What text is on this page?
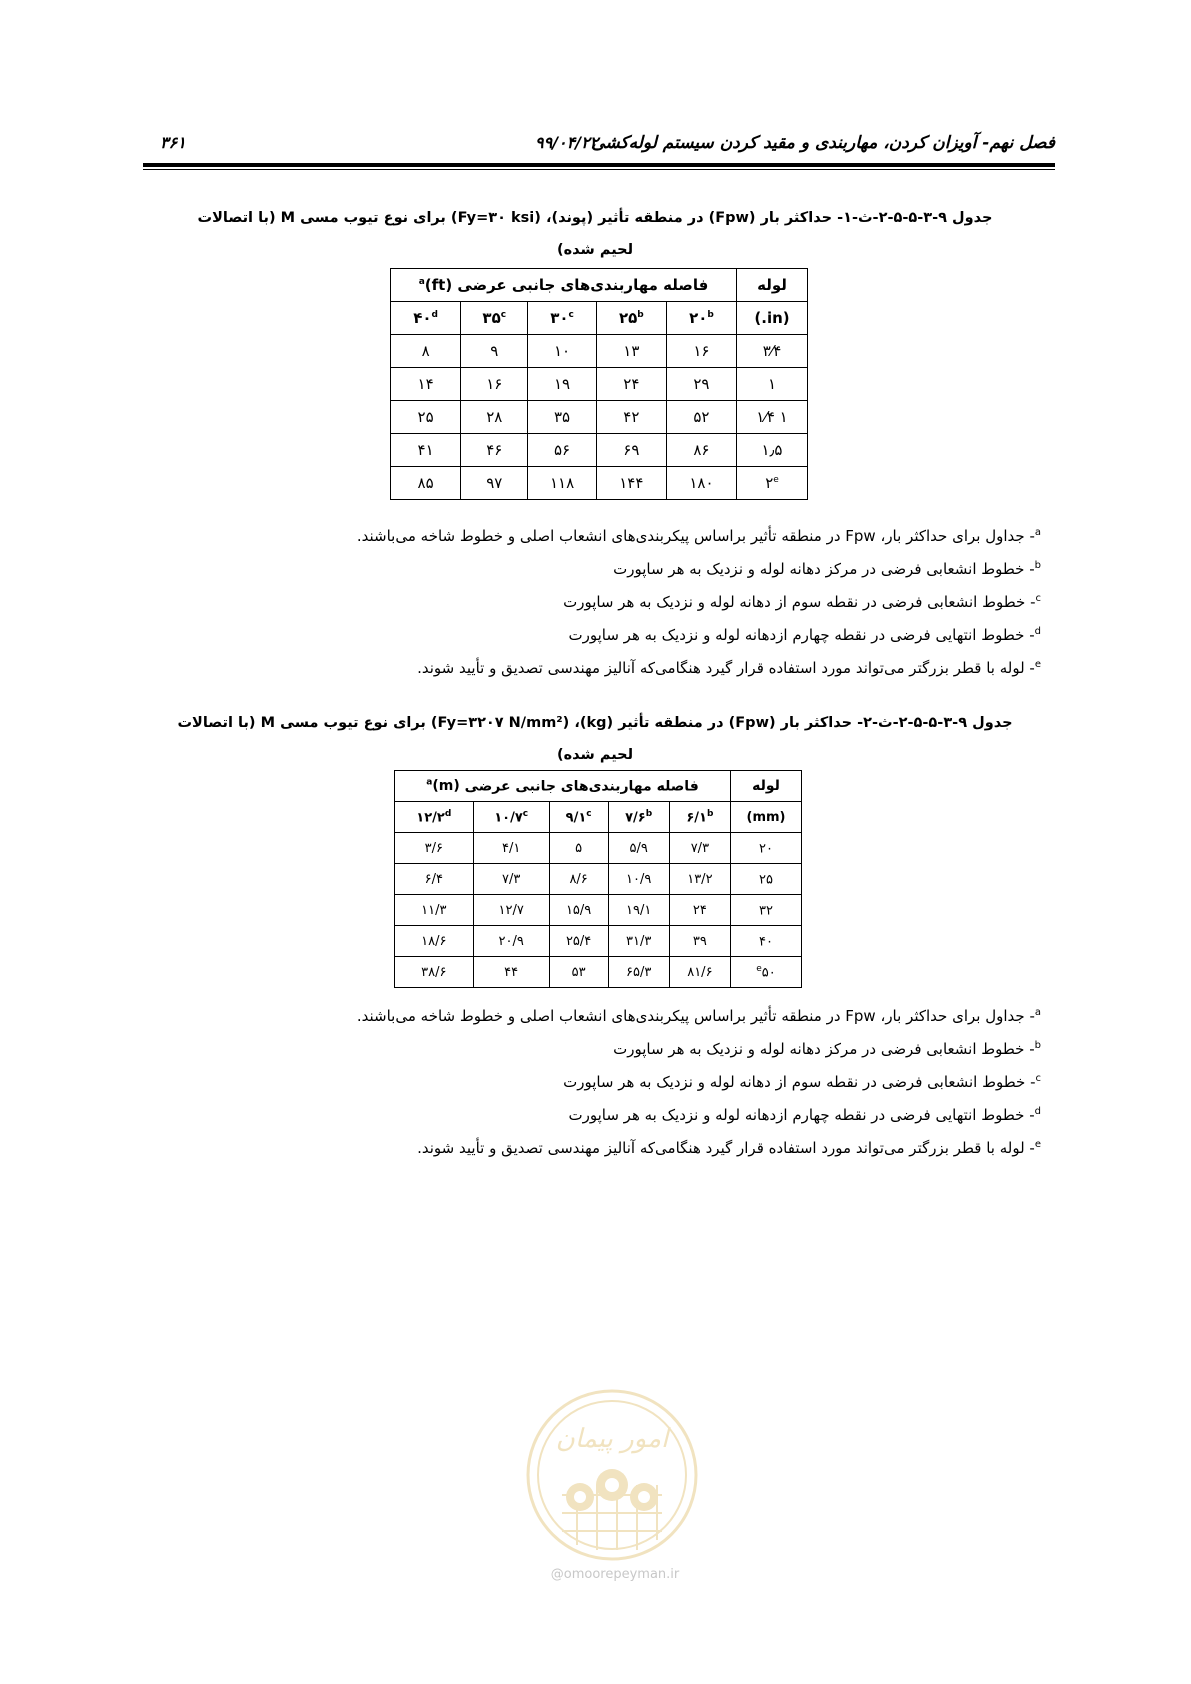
فصل نهم- آویزان کردن، مهاربندی و مقید کردن سیستم لوله‌کشی
۹۹/۰۴/۲۲
۳۶۱
جدول ۹-۳-۵-۵-۲-ث-۱- حداکثر بار (Fpw) در منطقه تأثیر (پوند)، (Fy=۳۰ ksi) برای نوع تیوب مسی M (با اتصالات
لحیم شده)
لوله	فاصله مهاربندی‌های جانبی عرضی (ft)$^a$
(in.)	۲۰$^b$	۲۵$^b$	۳۰$^c$	۳۵$^c$	۴۰$^d$
۳⁄۴	۱۶	۱۳	۱۰	۹	۸
۱	۲۹	۲۴	۱۹	۱۶	۱۴
۱ ۱⁄۴	۵۲	۴۲	۳۵	۲۸	۲۵
۱٫۵	۸۶	۶۹	۵۶	۴۶	۴۱
۲e	۱۸۰	۱۴۴	۱۱۸	۹۷	۸۵
$^a$- جداول برای حداکثر بار، Fpw در منطقه تأثیر براساس پیکربندی‌های انشعاب اصلی و خطوط شاخه می‌باشند.
$^b$- خطوط انشعابی فرضی در مرکز دهانه لوله و نزدیک به هر ساپورت
$^c$- خطوط انشعابی فرضی در نقطه سوم از دهانه لوله و نزدیک به هر ساپورت
$^d$- خطوط انتهایی فرضی در نقطه چهارم ازدهانه لوله و نزدیک به هر ساپورت
$^e$- لوله با قطر بزرگتر می‌تواند مورد استفاده قرار گیرد هنگامی‌که آنالیز مهندسی تصدیق و تأیید شوند.
جدول ۹-۳-۵-۵-۲-ث-۲- حداکثر بار (Fpw) در منطقه تأثیر (kg)، (Fy=۳۲۰۷ N/mm²) برای نوع تیوب مسی M (با اتصالات
لحیم شده)
لوله	فاصله مهاربندی‌های جانبی عرضی $^a$(m)				
(mm)	۶/۱$^b$	۷/۶$^b$	۹/۱$^c$	۱۰/۷$^c$	۱۲/۲$^d$
۲۰	۷/۳	۵/۹	۵	۴/۱	۳/۶
۲۵	۱۳/۲	۱۰/۹	۸/۶	۷/۳	۶/۴
۳۲	۲۴	۱۹/۱	۱۵/۹	۱۲/۷	۱۱/۳
۴۰	۳۹	۳۱/۳	۲۵/۴	۲۰/۹	۱۸/۶
$^e$۵۰	۸۱/۶	۶۵/۳	۵۳	۴۴	۳۸/۶
$^a$- جداول برای حداکثر بار، Fpw در منطقه تأثیر براساس پیکربندی‌های انشعاب اصلی و خطوط شاخه می‌باشند.
$^b$- خطوط انشعابی فرضی در مرکز دهانه لوله و نزدیک به هر ساپورت
$^c$- خطوط انشعابی فرضی در نقطه سوم از دهانه لوله و نزدیک به هر ساپورت
$^d$- خطوط انتهایی فرضی در نقطه چهارم ازدهانه لوله و نزدیک به هر ساپورت
$^e$- لوله با قطر بزرگتر می‌تواند مورد استفاده قرار گیرد هنگامی‌که آنالیز مهندسی تصدیق و تأیید شوند.
امور پیمان
@omoorepeyman.ir
